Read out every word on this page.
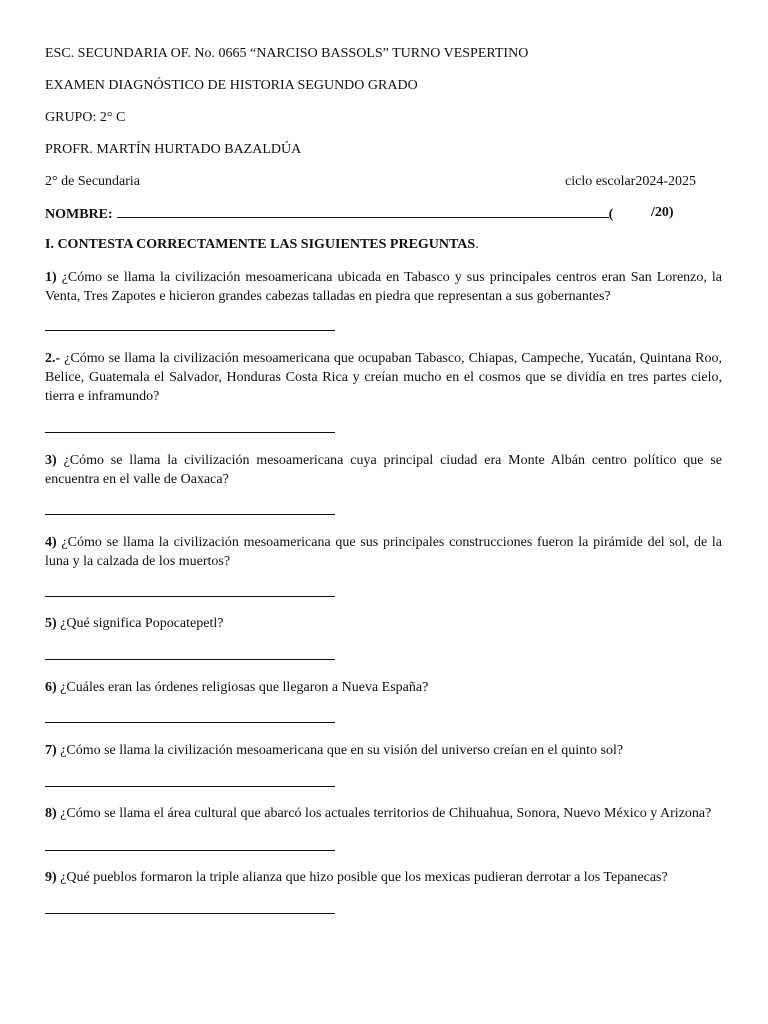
ESC. SECUNDARIA OF. No. 0665 “NARCISO BASSOLS” TURNO VESPERTINO
EXAMEN DIAGNÓSTICO DE HISTORIA SEGUNDO GRADO
GRUPO: 2° C
PROFR. MARTÍN HURTADO BAZALDÚA
2° de Secundaria	ciclo escolar2024-2025
NOMBRE:	(	/20)
I. CONTESTA CORRECTAMENTE LAS SIGUIENTES PREGUNTAS.
1) ¿Cómo se llama la civilización mesoamericana ubicada en Tabasco y sus principales centros eran San Lorenzo, la Venta, Tres Zapotes e hicieron grandes cabezas talladas en piedra que representan a sus gobernantes?
2.- ¿Cómo se llama la civilización mesoamericana que ocupaban Tabasco, Chiapas, Campeche, Yucatán, Quintana Roo, Belice, Guatemala el Salvador, Honduras Costa Rica y creían mucho en el cosmos que se dividía en tres partes cielo, tierra e inframundo?
3) ¿Cómo se llama la civilización mesoamericana cuya principal ciudad era Monte Albán centro político que se encuentra en el valle de Oaxaca?
4) ¿Cómo se llama la civilización mesoamericana que sus principales construcciones fueron la pirámide del sol, de la luna y la calzada de los muertos?
5) ¿Qué significa Popocatepetl?
6) ¿Cuáles eran las órdenes religiosas que llegaron a Nueva España?
7) ¿Cómo se llama la civilización mesoamericana que en su visión del universo creían en el quinto sol?
8) ¿Cómo se llama el área cultural que abarcó los actuales territorios de Chihuahua, Sonora, Nuevo México y Arizona?
9) ¿Qué pueblos formaron la triple alianza que hizo posible que los mexicas pudieran derrotar a los Tepanecas?
